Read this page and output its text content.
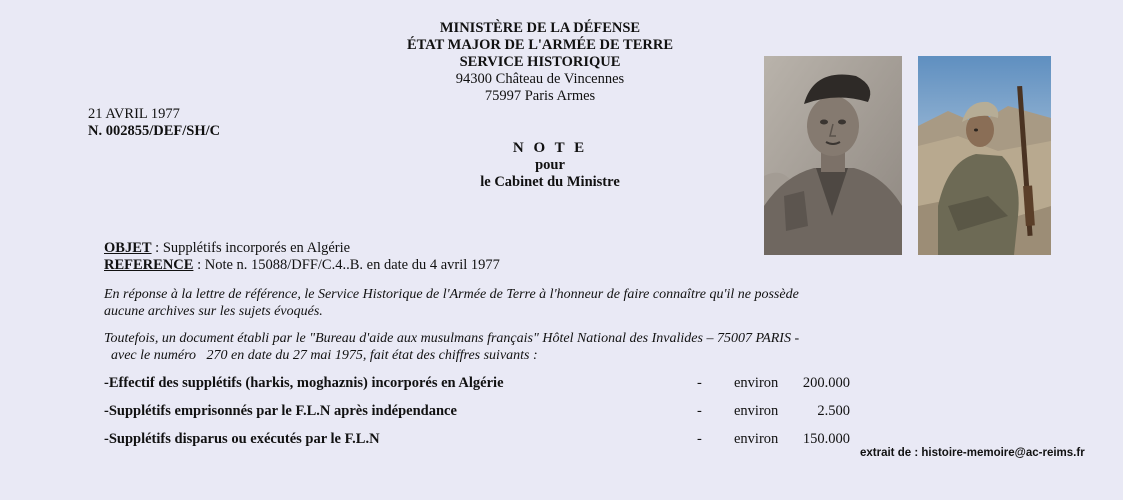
MINISTÈRE DE LA DÉFENSE
ÉTAT MAJOR DE L'ARMÉE DE TERRE
SERVICE HISTORIQUE
94300 Château de Vincennes
75997 Paris Armes
21 AVRIL 1977
N. 002855/DEF/SH/C
N O T E
pour
le Cabinet du Ministre
OBJET : Supplétifs incorporés en Algérie
REFERENCE : Note n. 15088/DFF/C.4..B. en date du 4 avril 1977
En réponse à la lettre de référence, le Service Historique de l'Armée de Terre à l'honneur de faire connaître qu'il ne possède
aucune archives sur les sujets évoqués.
Toutefois, un document établi par le "Bureau d'aide aux musulmans français" Hôtel National des Invalides – 75007 PARIS -
avec le numéro   270 en date du 27 mai 1975, fait état des chiffres suivants :
-Effectif des supplétifs (harkis, moghaznis) incorporés en Algérie	- environ 200.000
-Supplétifs emprisonnés par le F.L.N après indépendance	- environ	2.500
-Supplétifs disparus ou exécutés par le F.L.N	- environ 150.000
extrait de : histoire-memoire@ac-reims.fr
